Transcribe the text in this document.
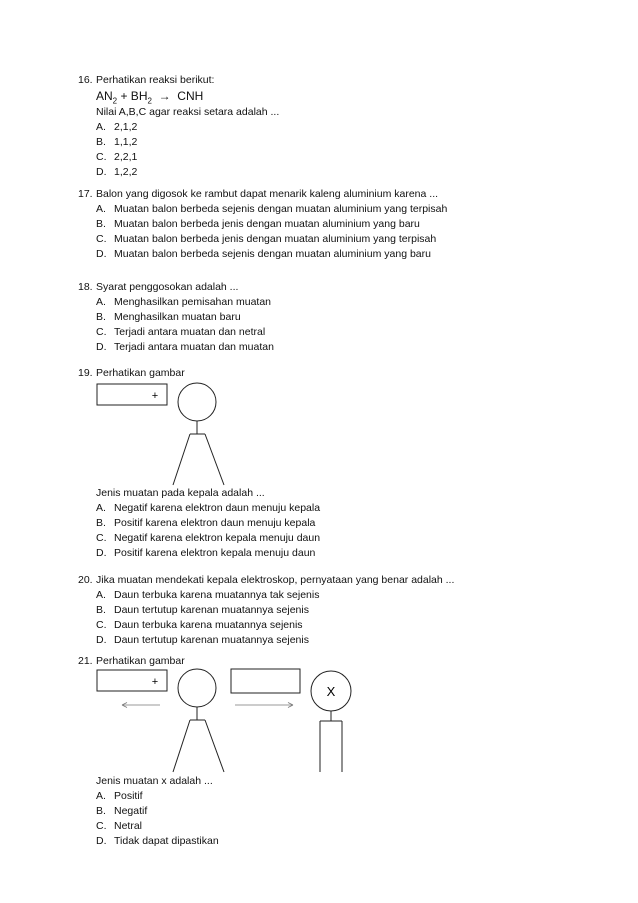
16. Perhatikan reaksi berikut:
$AN_2 + BH_2$ → CNH
Nilai A,B,C agar reaksi setara adalah ...
A. 2,1,2
B. 1,1,2
C. 2,2,1
D. 1,2,2
17. Balon yang digosok ke rambut dapat menarik kaleng aluminium karena ...
A. Muatan balon berbeda sejenis dengan muatan aluminium yang terpisah
B. Muatan balon berbeda jenis dengan muatan aluminium yang baru
C. Muatan balon berbeda jenis dengan muatan aluminium yang terpisah
D. Muatan balon berbeda sejenis dengan muatan aluminium yang baru
18. Syarat penggosokan adalah ...
A. Menghasilkan pemisahan muatan
B. Menghasilkan muatan baru
C. Terjadi antara muatan dan netral
D. Terjadi antara muatan dan muatan
19. Perhatikan gambar
+
Jenis muatan pada kepala adalah ...
A. Negatif karena elektron daun menuju kepala
B. Positif karena elektron daun menuju kepala
C. Negatif karena elektron kepala menuju daun
D. Positif karena elektron kepala menuju daun
20. Jika muatan mendekati kepala elektroskop, pernyataan yang benar adalah ...
A. Daun terbuka karena muatannya tak sejenis
B. Daun tertutup karenan muatannya sejenis
C. Daun terbuka karena muatannya sejenis
D. Daun tertutup karenan muatannya sejenis
21. Perhatikan gambar
+
X
Jenis muatan x adalah ...
A. Positif
B. Negatif
C. Netral
D. Tidak dapat dipastikan
